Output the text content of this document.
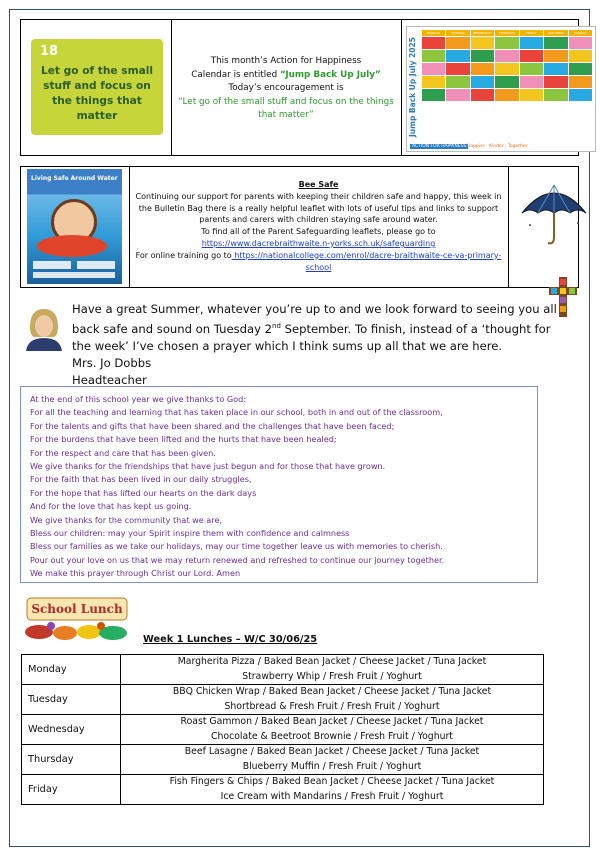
18
Let go of the small stuff and focus on the things that matter
This month’s Action for Happiness
Calendar is entitled “Jump Back Up July”
Today’s encouragement is
“Let go of the small stuff and focus on the things that matter”	Jump Back Up July 2025
MONDAY	TUESDAY	WEDNESDAY	THURSDAY	FRIDAY	SATURDAY	SUNDAY
ACTION FOR HAPPINESS Happier · Kinder · Together
Living Safe Around Water
Bee Safe
Continuing our support for parents with keeping their children safe and happy, this week in the Bulletin Bag there is a really helpful leaflet with lots of useful tips and links to support parents and carers with children staying safe around water.
To find all of the Parent Safeguarding leaflets, please go to
https://www.dacrebraithwaite.n-yorks.sch.uk/safeguarding
For online training go to https://nationalcollege.com/enrol/dacre-braithwaite-ce-va-primary-school
Have a great Summer, whatever you’re up to and we look forward to seeing you all back safe and sound on Tuesday 2nd September. To finish, instead of a ‘thought for the week’ I’ve chosen a prayer which I think sums up all that we are here.
Mrs. Jo Dobbs
Headteacher
At the end of this school year we give thanks to God:
For all the teaching and learning that has taken place in our school, both in and out of the classroom,
For the talents and gifts that have been shared and the challenges that have been faced;
For the burdens that have been lifted and the hurts that have been healed;
For the respect and care that has been given.
We give thanks for the friendships that have just begun and for those that have grown.
For the faith that has been lived in our daily struggles,
For the hope that has lifted our hearts on the dark days
And for the love that has kept us going.
We give thanks for the community that we are,
Bless our children: may your Spirit inspire them with confidence and calmness
Bless our families as we take our holidays, may our time together leave us with memories to cherish.
Pour out your love on us that we may return renewed and refreshed to continue our journey together.
We make this prayer through Christ our Lord. Amen
School Lunch
Week 1 Lunches – W/C 30/06/25
Monday	Margherita Pizza / Baked Bean Jacket / Cheese Jacket / Tuna Jacket
Strawberry Whip / Fresh Fruit / Yoghurt

Tuesday	BBQ Chicken Wrap / Baked Bean Jacket / Cheese Jacket / Tuna Jacket
Shortbread & Fresh Fruit / Fresh Fruit / Yoghurt

Wednesday	Roast Gammon / Baked Bean Jacket / Cheese Jacket / Tuna Jacket
Chocolate & Beetroot Brownie / Fresh Fruit / Yoghurt

Thursday	Beef Lasagne / Baked Bean Jacket / Cheese Jacket / Tuna Jacket
Blueberry Muffin / Fresh Fruit / Yoghurt

Friday	Fish Fingers & Chips / Baked Bean Jacket / Cheese Jacket / Tuna Jacket
Ice Cream with Mandarins / Fresh Fruit / Yoghurt
